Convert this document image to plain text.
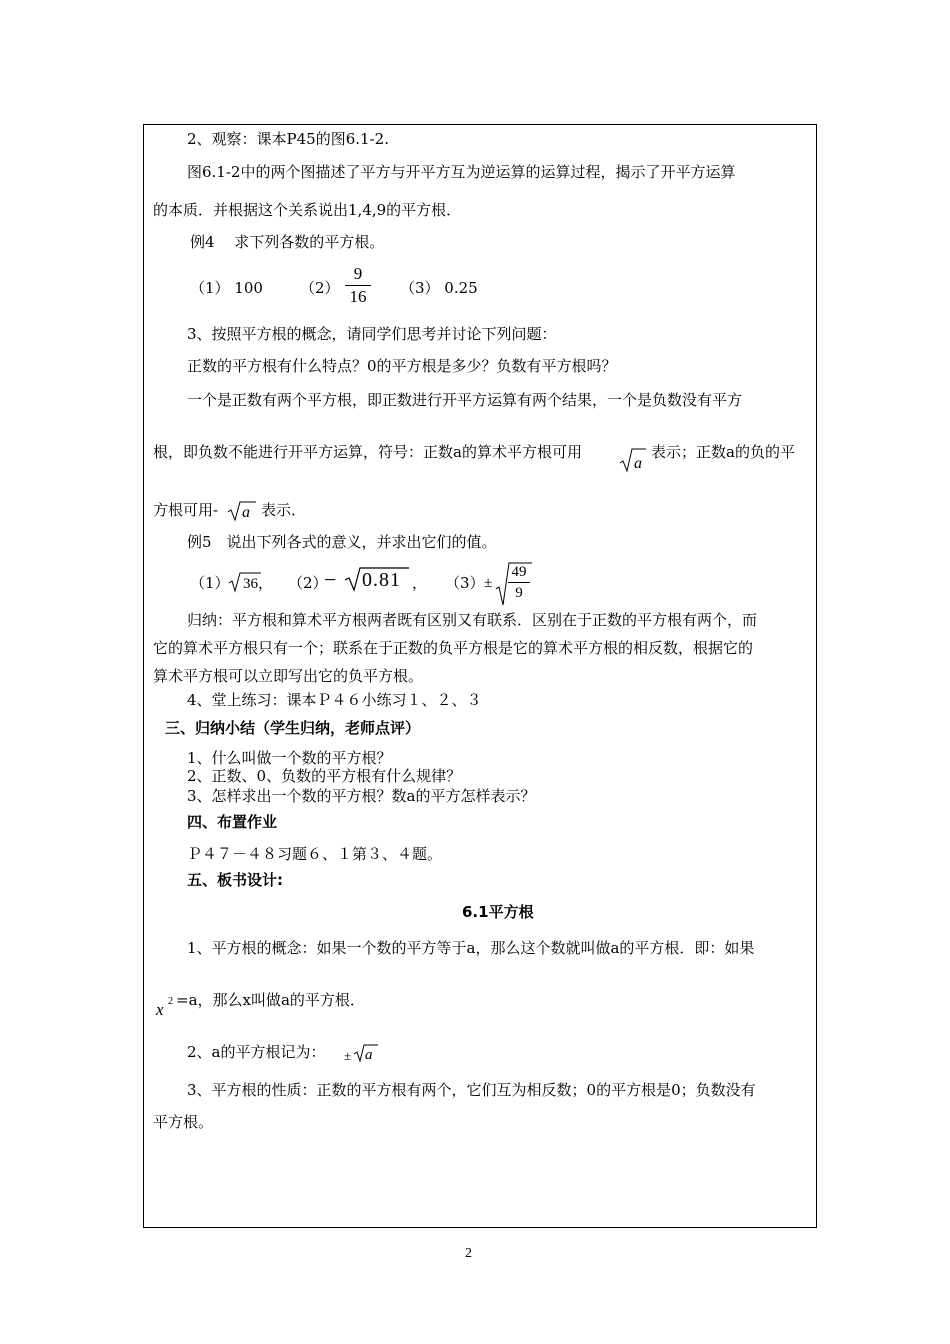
2、观察：课本P45的图6.1-2.
图6.1-2中的两个图描述了平方与开平方互为逆运算的运算过程，揭示了开平方运算
的本质．并根据这个关系说出1,4,9的平方根．
例4　 求下列各数的平方根。
（1） 100 （2）
9
16	（3） 0.25
3、按照平方根的概念，请同学们思考并讨论下列问题：
正数的平方根有什么特点？0的平方根是多少？负数有平方根吗？
一个是正数有两个平方根，即正数进行开平方运算有两个结果，一个是负数没有平方
根，即负数不能进行开平方运算，符号：正数a的算术平方根可用
a
表示；正数a的负的平
方根可用- a 表示．
例5　说出下列各式的意义，并求出它们的值。
（1） 36 ， （2）
− 0.81 ， （3） ±
49
9
归纳：平方根和算术平方根两者既有区别又有联系．区别在于正数的平方根有两个，而
它的算术平方根只有一个；联系在于正数的负平方根是它的算术平方根的相反数，根据它的
算术平方根可以立即写出它的负平方根。
4、堂上练习：课本Ｐ４６小练习１、２、３
三、归纳小结（学生归纳，老师点评）
1、什么叫做一个数的平方根？
2、正数、0、负数的平方根有什么规律？
3、怎样求出一个数的平方根？数a的平方怎样表示？
四、布置作业
Ｐ４７－４８习题６、１第３、４题。
五、板书设计:
6.1平方根
1、平方根的概念：如果一个数的平方等于a，那么这个数就叫做a的平方根．即：如果
x 2 =a，那么x叫做a的平方根．
2、a的平方根记为： ± a
3、平方根的性质：正数的平方根有两个，它们互为相反数；0的平方根是0；负数没有
平方根。
2
